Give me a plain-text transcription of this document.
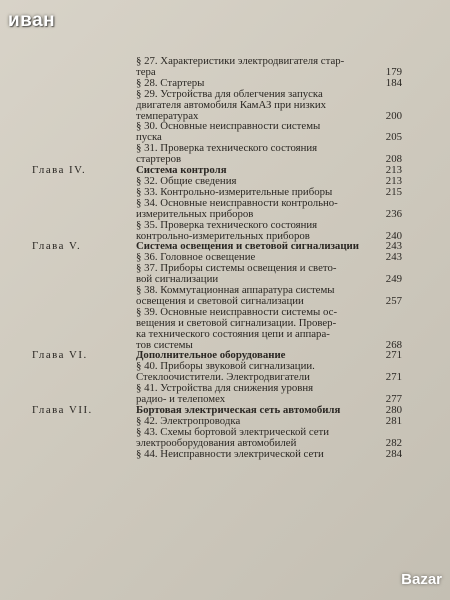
иван
§ 27. Характеристики электродвигателя стар-
тера	179
§ 28. Стартеры	184
§ 29. Устройства для облегчения запуска
двигателя автомобиля КамАЗ при низких
температурах	200
§ 30. Основные неисправности системы
пуска	205
§ 31. Проверка технического состояния
стартеров	208
Глава IV.	Система контроля	213
§ 32. Общие сведения	213
§ 33. Контрольно-измерительные приборы	215
§ 34. Основные неисправности контрольно-
измерительных приборов	236
§ 35. Проверка технического состояния
контрольно-измерительных приборов	240
Глава V.	Система освещения и световой сигнализации	243
§ 36. Головное освещение	243
§ 37. Приборы системы освещения и свето-
вой сигнализации	249
§ 38. Коммутационная аппаратура системы
освещения и световой сигнализации	257
§ 39. Основные неисправности системы ос-
вещения и световой сигнализации. Провер-
ка технического состояния цепи и аппара-
тов системы	268
Глава VI.	Дополнительное оборудование	271
§ 40. Приборы звуковой сигнализации.
Стеклоочистители. Электродвигатели	271
§ 41. Устройства для снижения уровня
радио- и телепомех	277
Глава VII.	Бортовая электрическая сеть автомобиля	280
§ 42. Электропроводка	281
§ 43. Схемы бортовой электрической сети
электрооборудования автомобилей	282
§ 44. Неисправности электрической сети	284
Bazar
